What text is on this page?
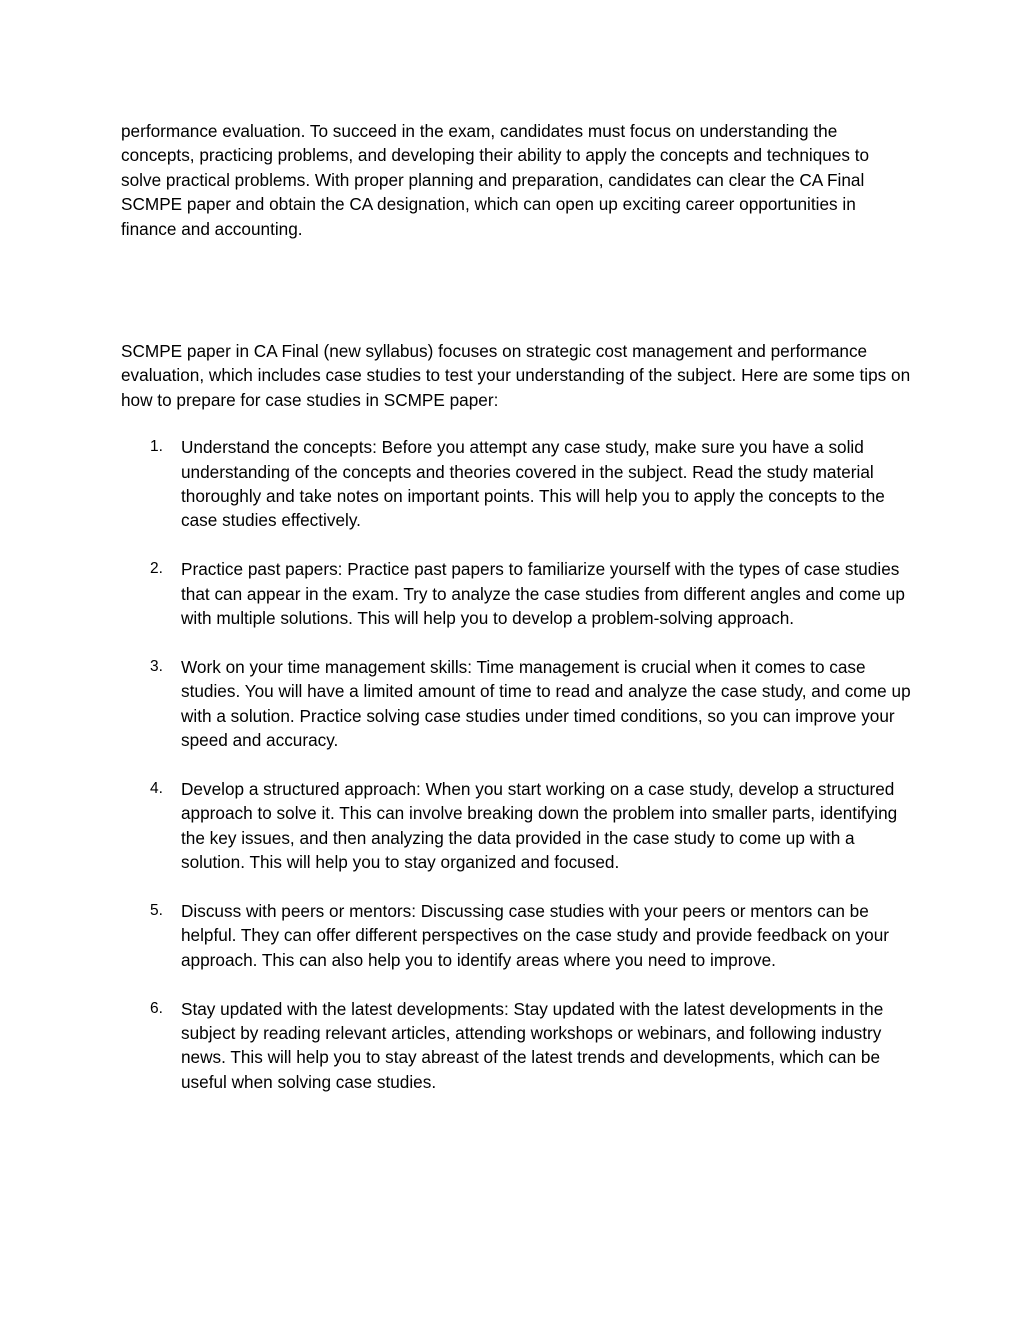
performance evaluation. To succeed in the exam, candidates must focus on understanding the concepts, practicing problems, and developing their ability to apply the concepts and techniques to solve practical problems. With proper planning and preparation, candidates can clear the CA Final SCMPE paper and obtain the CA designation, which can open up exciting career opportunities in finance and accounting.

SCMPE paper in CA Final (new syllabus) focuses on strategic cost management and performance evaluation, which includes case studies to test your understanding of the subject. Here are some tips on how to prepare for case studies in SCMPE paper:

1. Understand the concepts: Before you attempt any case study, make sure you have a solid understanding of the concepts and theories covered in the subject. Read the study material thoroughly and take notes on important points. This will help you to apply the concepts to the case studies effectively.
2. Practice past papers: Practice past papers to familiarize yourself with the types of case studies that can appear in the exam. Try to analyze the case studies from different angles and come up with multiple solutions. This will help you to develop a problem-solving approach.
3. Work on your time management skills: Time management is crucial when it comes to case studies. You will have a limited amount of time to read and analyze the case study, and come up with a solution. Practice solving case studies under timed conditions, so you can improve your speed and accuracy.
4. Develop a structured approach: When you start working on a case study, develop a structured approach to solve it. This can involve breaking down the problem into smaller parts, identifying the key issues, and then analyzing the data provided in the case study to come up with a solution. This will help you to stay organized and focused.
5. Discuss with peers or mentors: Discussing case studies with your peers or mentors can be helpful. They can offer different perspectives on the case study and provide feedback on your approach. This can also help you to identify areas where you need to improve.
6. Stay updated with the latest developments: Stay updated with the latest developments in the subject by reading relevant articles, attending workshops or webinars, and following industry news. This will help you to stay abreast of the latest trends and developments, which can be useful when solving case studies.
